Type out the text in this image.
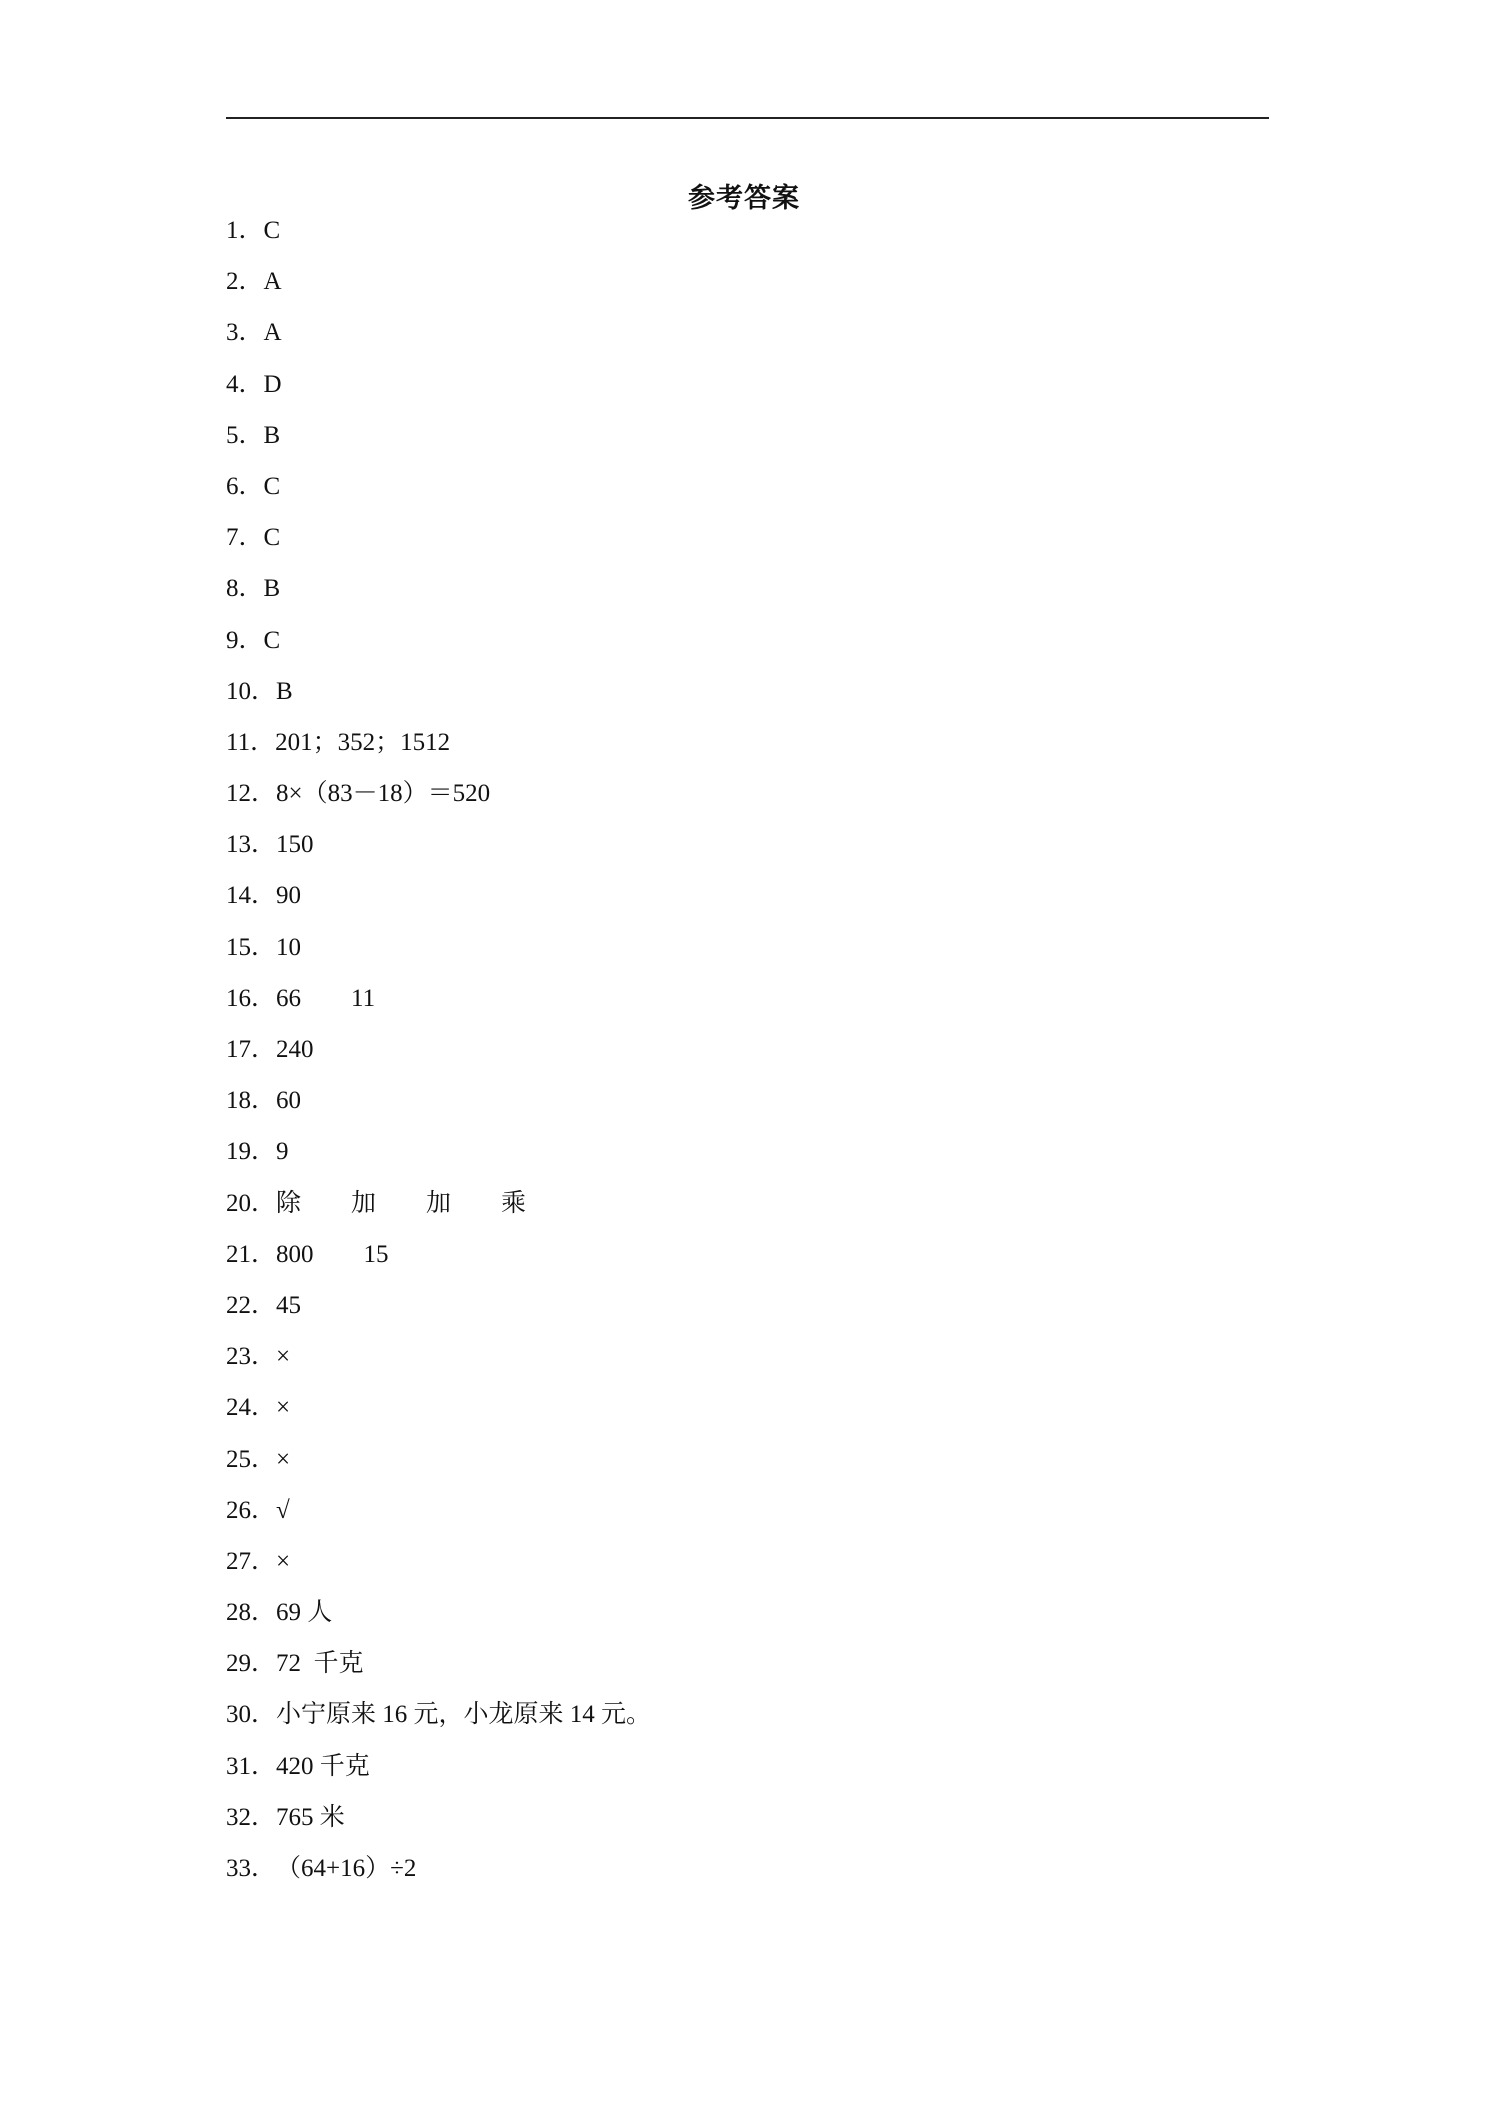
参考答案
1．C
2．A
3．A
4．D
5．B
6．C
7．C
8．B
9．C
10．B
11．201；352；1512
12．8×（83－18）＝520
13．150
14．90
15．10
16．66        11
17．240
18．60
19．9
20．除        加        加        乘
21．800        15
22．45
23．×
24．×
25．×
26．√
27．×
28．69 人
29．72  千克
30．小宁原来 16 元，小龙原来 14 元。
31．420 千克
32．765 米
33．（64+16）÷2
